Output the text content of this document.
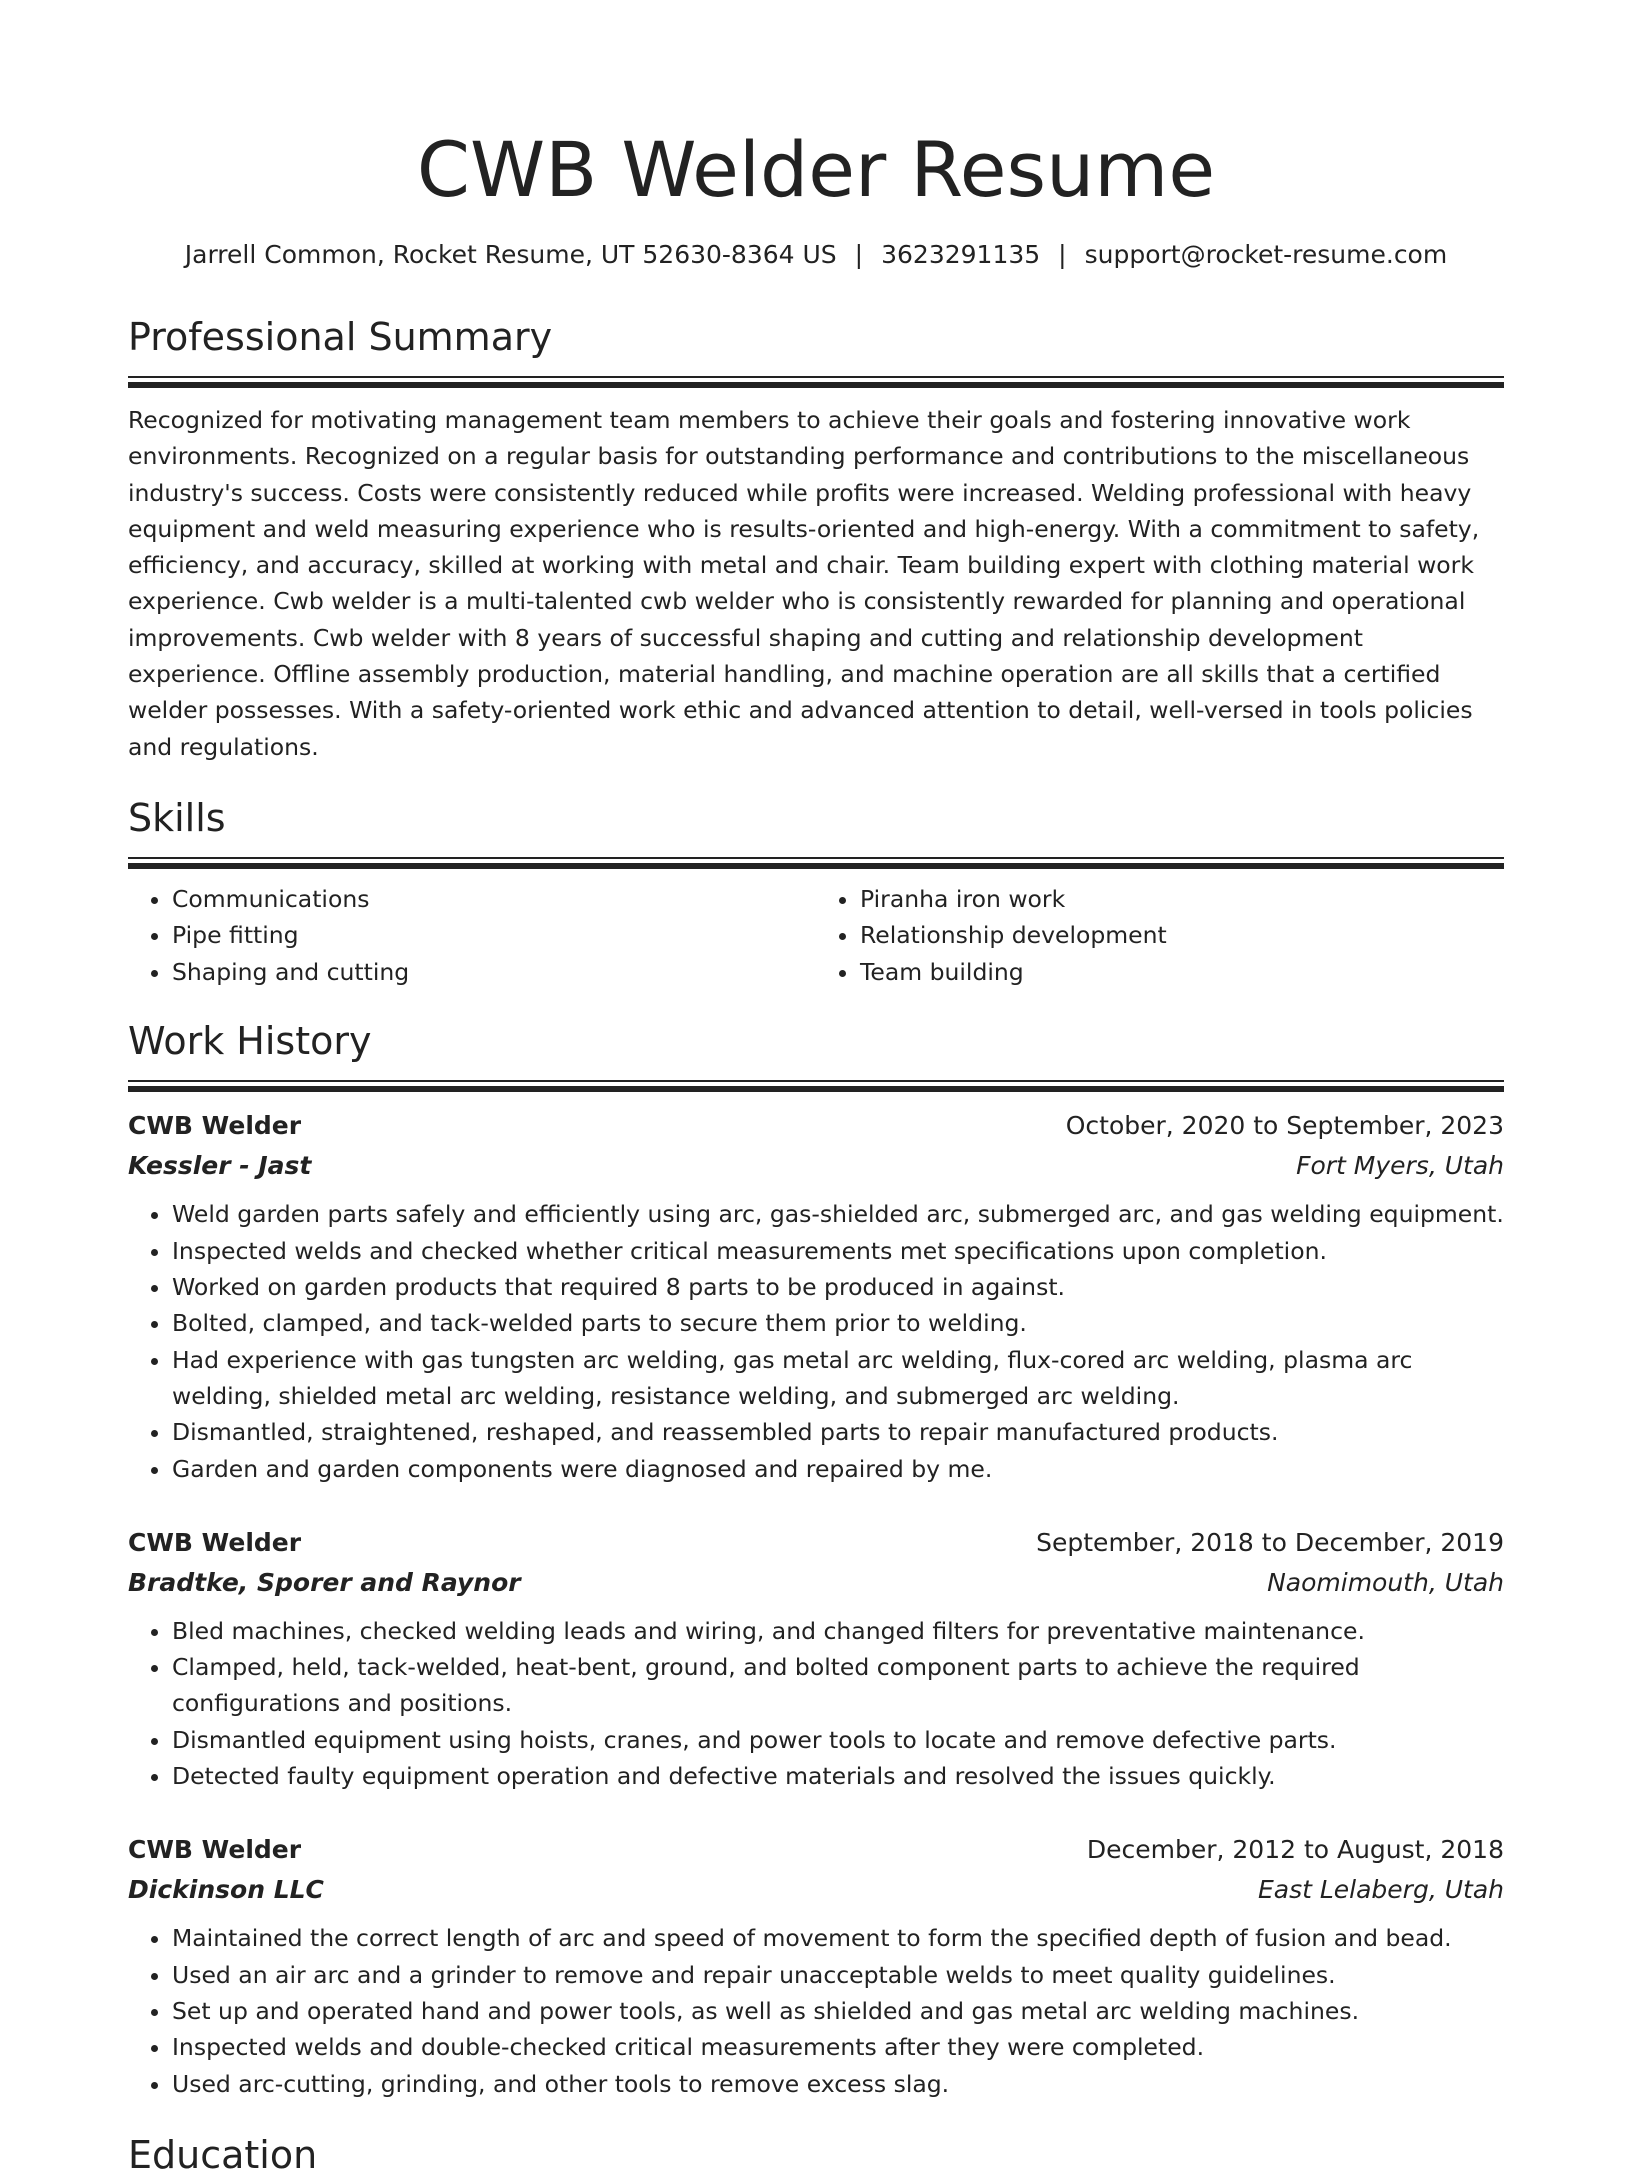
CWB Welder Resume
Jarrell Common, Rocket Resume, UT 52630-8364 US | 3623291135 | support@rocket-resume.com
Professional Summary

Recognized for motivating management team members to achieve their goals and fostering innovative work environments. Recognized on a regular basis for outstanding performance and contributions to the miscellaneous industry's success. Costs were consistently reduced while profits were increased. Welding professional with heavy equipment and weld measuring experience who is results-oriented and high-energy. With a commitment to safety, efficiency, and accuracy, skilled at working with metal and chair. Team building expert with clothing material work experience. Cwb welder is a multi-talented cwb welder who is consistently rewarded for planning and operational improvements. Cwb welder with 8 years of successful shaping and cutting and relationship development experience. Offline assembly production, material handling, and machine operation are all skills that a certified welder possesses. With a safety-oriented work ethic and advanced attention to detail, well-versed in tools policies and regulations.

Skills
• Communications
• Pipe fitting
• Shaping and cutting
• Piranha iron work
• Relationship development
• Team building
Work History
CWB Welder	October, 2020 to September, 2023
Kessler - Jast	Fort Myers, Utah
• Weld garden parts safely and efficiently using arc, gas-shielded arc, submerged arc, and gas welding equipment.
• Inspected welds and checked whether critical measurements met specifications upon completion.
• Worked on garden products that required 8 parts to be produced in against.
• Bolted, clamped, and tack-welded parts to secure them prior to welding.
• Had experience with gas tungsten arc welding, gas metal arc welding, flux-cored arc welding, plasma arc welding, shielded metal arc welding, resistance welding, and submerged arc welding.
• Dismantled, straightened, reshaped, and reassembled parts to repair manufactured products.
• Garden and garden components were diagnosed and repaired by me.
CWB Welder	September, 2018 to December, 2019
Bradtke, Sporer and Raynor	Naomimouth, Utah
• Bled machines, checked welding leads and wiring, and changed filters for preventative maintenance.
• Clamped, held, tack-welded, heat-bent, ground, and bolted component parts to achieve the required configurations and positions.
• Dismantled equipment using hoists, cranes, and power tools to locate and remove defective parts.
• Detected faulty equipment operation and defective materials and resolved the issues quickly.
CWB Welder	December, 2012 to August, 2018
Dickinson LLC	East Lelaberg, Utah
• Maintained the correct length of arc and speed of movement to form the specified depth of fusion and bead.
• Used an air arc and a grinder to remove and repair unacceptable welds to meet quality guidelines.
• Set up and operated hand and power tools, as well as shielded and gas metal arc welding machines.
• Inspected welds and double-checked critical measurements after they were completed.
• Used arc-cutting, grinding, and other tools to remove excess slag.
Education
